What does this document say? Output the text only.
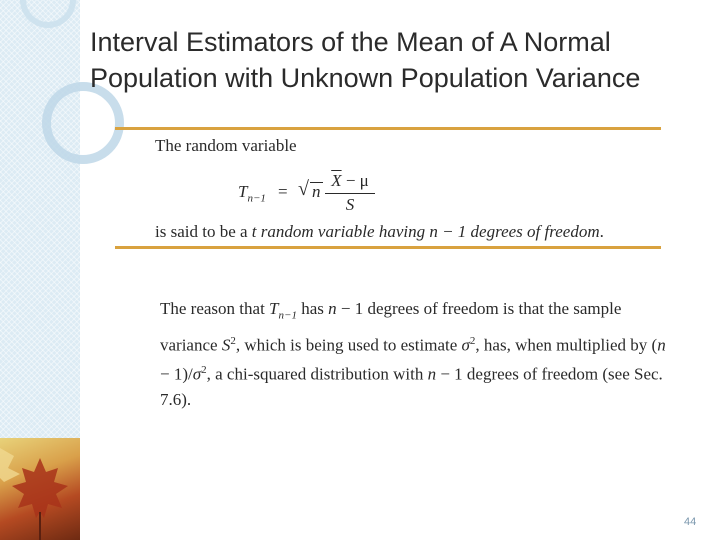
Interval Estimators of the Mean of A Normal Population with Unknown Population Variance
The random variable
$T_{n-1}$ = √ n
$\overline{X} - \mu$
S
is said to be a t random variable having n − 1 degrees of freedom.
The reason that $T_{n-1}$ has n − 1 degrees of freedom is that the sample variance $S^2$, which is being used to estimate $\sigma^2$, has, when multiplied by $(n - 1)/\sigma^2$, a chi-squared distribution with n − 1 degrees of freedom (see Sec. 7.6).
44
